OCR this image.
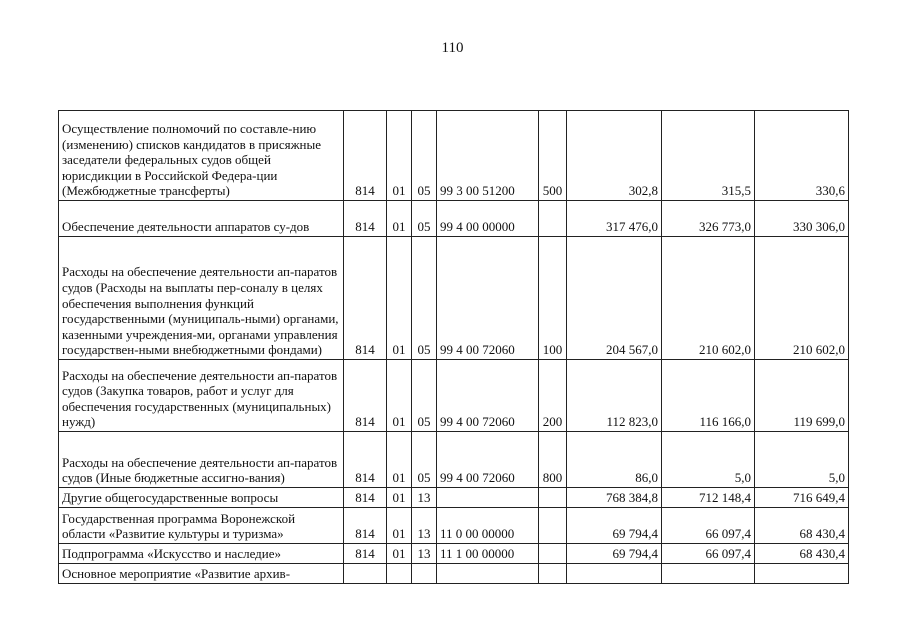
110
Осуществление полномочий по составле-нию (изменению) списков кандидатов в присяжные заседатели федеральных судов общей юрисдикции в Российской Федера-ции (Межбюджетные трансферты)	814	01	05	99 3 00 51200	500	302,8	315,5	330,6
Обеспечение деятельности аппаратов су-дов	814	01	05	99 4 00 00000		317 476,0	326 773,0	330 306,0
Расходы на обеспечение деятельности ап-паратов судов (Расходы на выплаты пер-соналу в целях обеспечения выполнения функций государственными (муниципаль-ными) органами, казенными учреждения-ми, органами управления государствен-ными внебюджетными фондами)	814	01	05	99 4 00 72060	100	204 567,0	210 602,0	210 602,0
Расходы на обеспечение деятельности ап-паратов судов (Закупка товаров, работ и услуг для обеспечения государственных (муниципальных) нужд)	814	01	05	99 4 00 72060	200	112 823,0	116 166,0	119 699,0
Расходы на обеспечение деятельности ап-паратов судов (Иные бюджетные ассигно-вания)	814	01	05	99 4 00 72060	800	86,0	5,0	5,0
Другие общегосударственные вопросы	814	01	13			768 384,8	712 148,4	716 649,4
Государственная программа Воронежской области «Развитие культуры и туризма»	814	01	13	11 0 00 00000		69 794,4	66 097,4	68 430,4
Подпрограмма «Искусство и наследие»	814	01	13	11 1 00 00000		69 794,4	66 097,4	68 430,4
Основное мероприятие «Развитие архив-								
